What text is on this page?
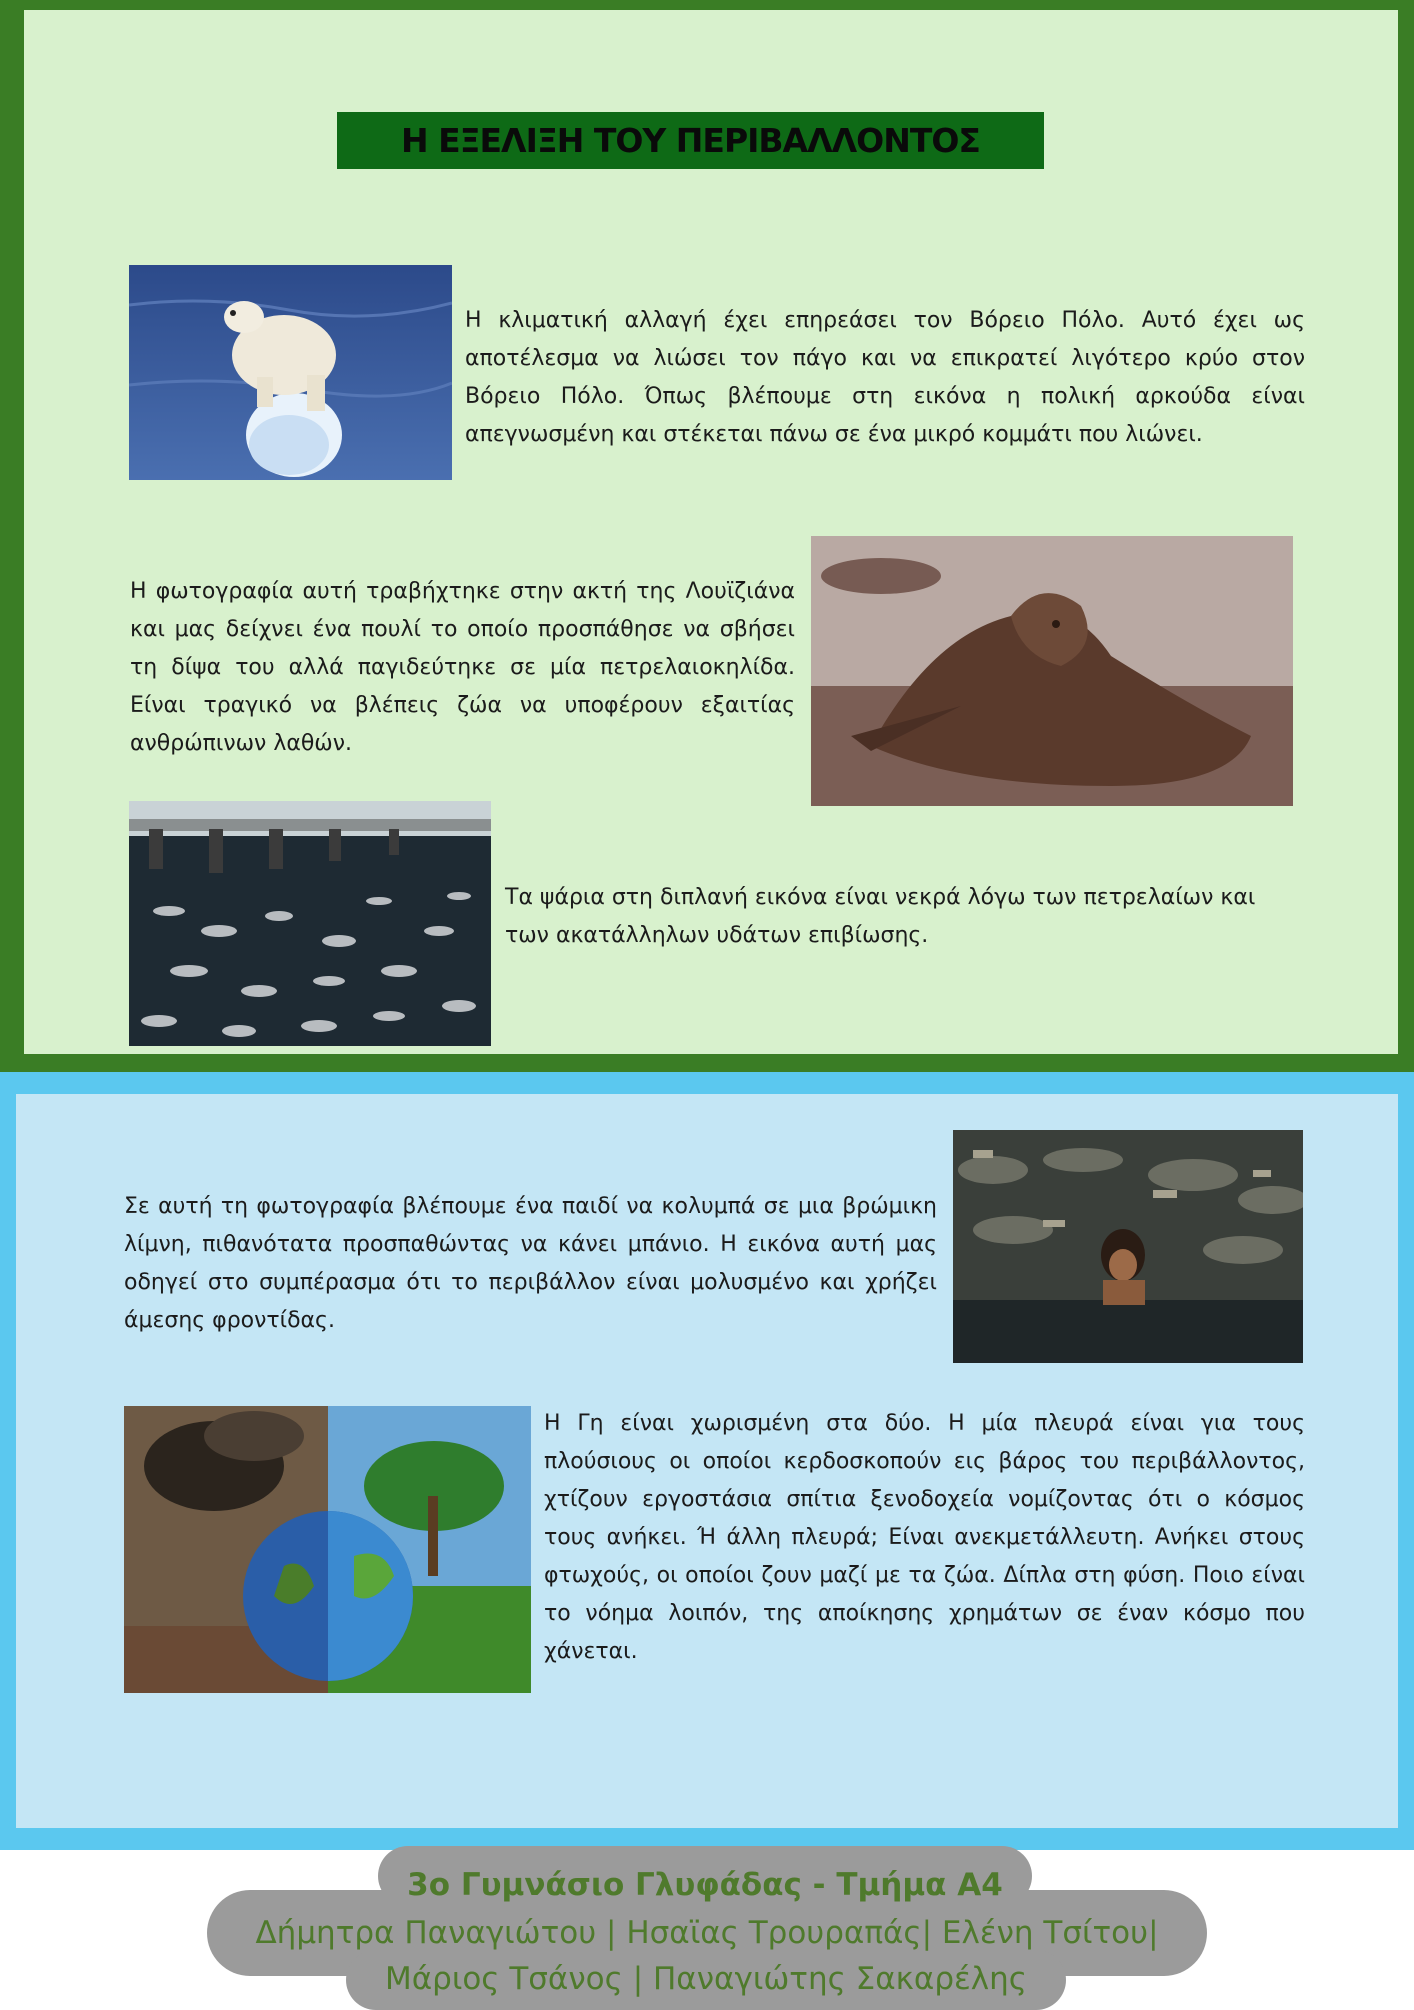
Η ΕΞΕΛΙΞΗ ΤΟΥ ΠΕΡΙΒΑΛΛΟΝΤΟΣ

Η κλιματική αλλαγή έχει επηρεάσει τον Βόρειο Πόλο. Αυτό έχει ως αποτέλεσμα να λιώσει τον πάγο και να επικρατεί λιγότερο κρύο στον Βόρειο Πόλο. Όπως βλέπουμε στη εικόνα η πολική αρκούδα είναι απεγνωσμένη και στέκεται πάνω σε ένα μικρό κομμάτι που λιώνει.

Η φωτογραφία αυτή τραβήχτηκε στην ακτή της Λουϊζιάνα και μας δείχνει ένα πουλί το οποίο προσπάθησε να σβήσει τη δίψα του αλλά παγιδεύτηκε σε μία πετρελαιοκηλίδα. Είναι τραγικό να βλέπεις ζώα να υποφέρουν εξαιτίας ανθρώπινων λαθών.

Τα ψάρια στη διπλανή εικόνα είναι νεκρά λόγω των πετρελαίων και των ακατάλληλων υδάτων επιβίωσης.

Σε αυτή τη φωτογραφία βλέπουμε ένα παιδί να κολυμπά σε μια βρώμικη λίμνη, πιθανότατα προσπαθώντας να κάνει μπάνιο. Η εικόνα αυτή μας οδηγεί στο συμπέρασμα ότι το περιβάλλον είναι μολυσμένο και χρήζει άμεσης φροντίδας.

Η Γη είναι χωρισμένη στα δύο. Η μία πλευρά είναι για τους πλούσιους οι οποίοι κερδοσκοπούν εις βάρος του περιβάλλοντος, χτίζουν εργοστάσια σπίτια ξενοδοχεία νομίζοντας ότι ο κόσμος τους ανήκει. Ή άλλη πλευρά; Είναι ανεκμετάλλευτη. Ανήκει στους φτωχούς, οι οποίοι ζουν μαζί με τα ζώα. Δίπλα στη φύση. Ποιο είναι το νόημα λοιπόν, της αποίκησης χρημάτων σε έναν κόσμο που χάνεται.

3ο Γυμνάσιο Γλυφάδας - Τμήμα Α4
Δήμητρα Παναγιώτου | Ησαϊας Τρουραπάς| Ελένη Τσίτου|
Μάριος Τσάνος | Παναγιώτης Σακαρέλης
